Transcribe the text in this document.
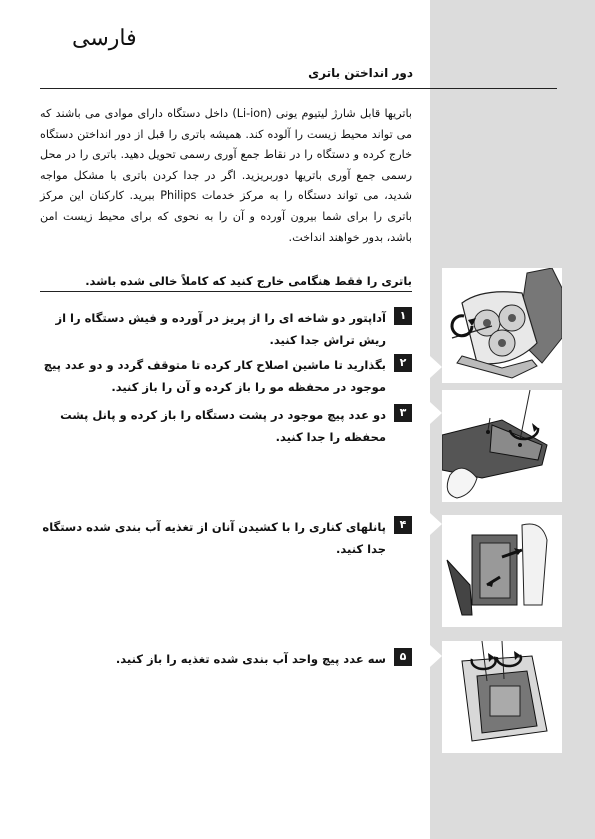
فارسی
دور انداختن باتری
باتریها قابل شارژ لیتیوم یونی (Li-ion) داخل دستگاه دارای موادی می باشند که می تواند محیط زیست را آلوده کند. همیشه باتری را قبل از دور انداختن دستگاه خارج کرده و دستگاه را در نقاط جمع آوری رسمی تحویل دهید. باتری را در محل رسمی جمع آوری باتریها دوربریزید. اگر در جدا کردن باتری با مشکل مواجه شدید، می تواند دستگاه را به مرکز خدمات Philips ببرید. کارکنان این مرکز باتری را برای شما بیرون آورده و آن را به نحوی که برای محیط زیست امن باشد، بدور خواهند انداخت.
باتری را فقط هنگامی خارج کنید که کاملاً خالی شده باشد.
۱
آداپتور دو شاخه ای را از پریز در آورده و فیش دستگاه را از ریش تراش جدا کنید.
۲
بگذارید تا ماشین اصلاح کار کرده تا متوقف گردد و دو عدد پیچ موجود در محفظه مو را باز کرده و آن را باز کنید.
۳
دو عدد پیچ موجود در پشت دستگاه را باز کرده و پانل پشت محفظه را جدا کنید.
۴
پانلهای کناری را با کشیدن آنان از تغذیه آب بندی شده دستگاه جدا کنید.
۵
سه عدد پیچ واحد آب بندی شده تغذیه را باز کنید.
